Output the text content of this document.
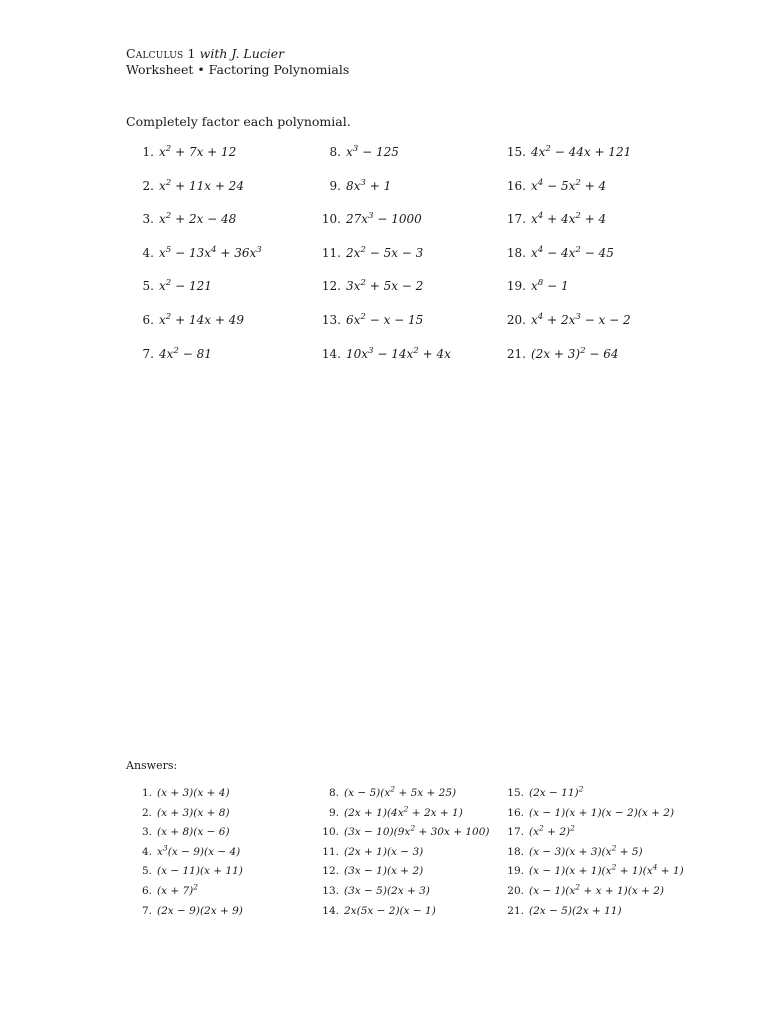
Calculus 1 with J. Lucier
Worksheet • Factoring Polynomials
Completely factor each polynomial.
1. $x^2 + 7x + 12$
2. $x^2 + 11x + 24$
3. $x^2 + 2x - 48$
4. $x^5 - 13x^4 + 36x^3$
5. $x^2 - 121$
6. $x^2 + 14x + 49$
7. $4x^2 - 81$
8. $x^3 - 125$
9. $8x^3 + 1$
10. $27x^3 - 1000$
11. $2x^2 - 5x - 3$
12. $3x^2 + 5x - 2$
13. $6x^2 - x - 15$
14. $10x^3 - 14x^2 + 4x$
15. $4x^2 - 44x + 121$
16. $x^4 - 5x^2 + 4$
17. $x^4 + 4x^2 + 4$
18. $x^4 - 4x^2 - 45$
19. $x^8 - 1$
20. $x^4 + 2x^3 - x - 2$
21. $(2x + 3)^2 - 64$
Answers:
1. (x + 3)(x + 4)
2. (x + 3)(x + 8)
3. (x + 8)(x − 6)
4. $x^3(x - 9)(x - 4)$
5. (x − 11)(x + 11)
6. $(x + 7)^2$
7. (2x − 9)(2x + 9)
8. $(x - 5)(x^2 + 5x + 25)$
9. $(2x + 1)(4x^2 + 2x + 1)$
10. $(3x - 10)(9x^2 + 30x + 100)$
11. (2x + 1)(x − 3)
12. (3x − 1)(x + 2)
13. (3x − 5)(2x + 3)
14. 2x(5x − 2)(x − 1)
15. $(2x - 11)^2$
16. (x − 1)(x + 1)(x − 2)(x + 2)
17. $(x^2 + 2)^2$
18. $(x - 3)(x + 3)(x^2 + 5)$
19. $(x - 1)(x + 1)(x^2 + 1)(x^4 + 1)$
20. $(x - 1)(x^2 + x + 1)(x + 2)$
21. (2x − 5)(2x + 11)
